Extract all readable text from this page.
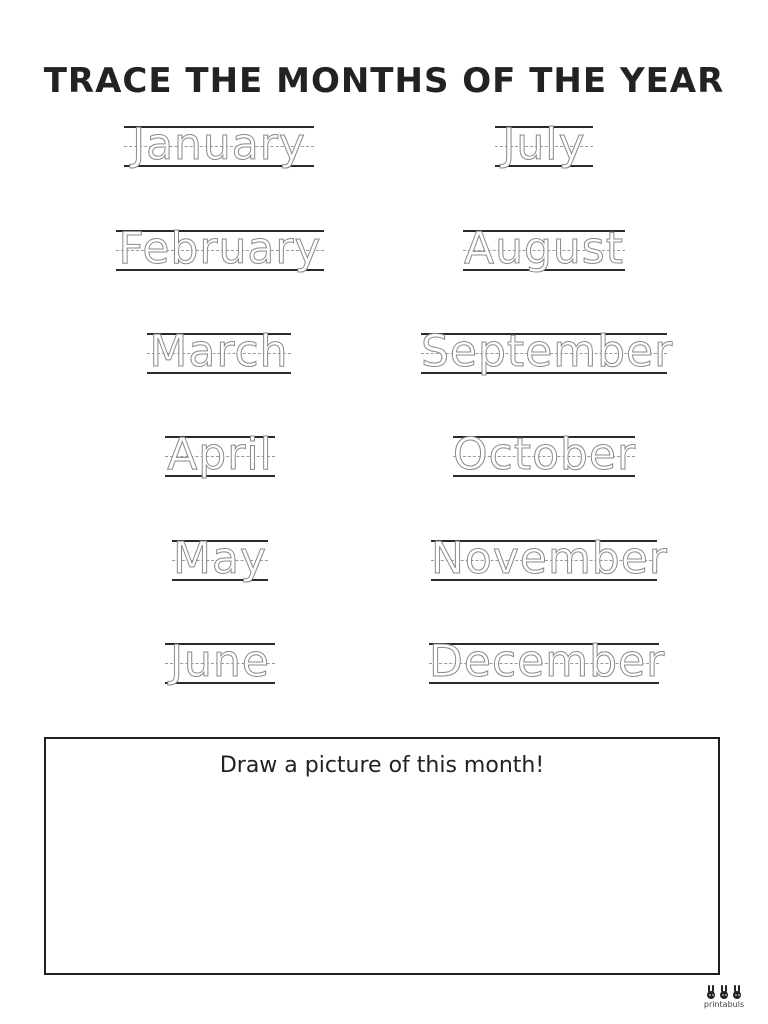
TRACE THE MONTHS OF THE YEAR
January
February
March
April
May
June
July
August
September
October
November
December
Draw a picture of this month!
printabuls
